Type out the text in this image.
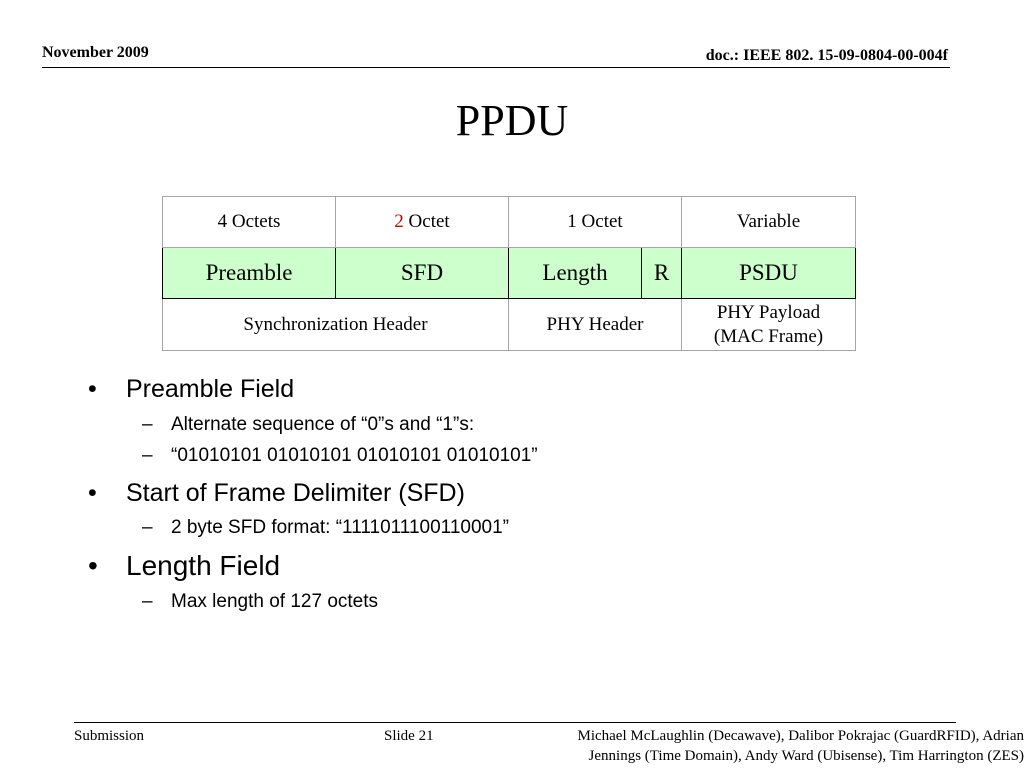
November 2009	doc.: IEEE 802. 15-09-0804-00-004f
PPDU
4 Octets	2 Octet	1 Octet		Variable
Preamble	SFD	Length	R	PSDU
Synchronization Header		PHY Header		PHY Payload
(MAC Frame)
• Preamble Field
– Alternate sequence of “0”s and “1”s:
– “01010101 01010101 01010101 01010101”
• Start of Frame Delimiter (SFD)
– 2 byte SFD format: “1111011100110001”
• Length Field
– Max length of 127 octets
Submission	Slide 21	Michael McLaughlin (Decawave), Dalibor Pokrajac (GuardRFID), Adrian
Jennings (Time Domain), Andy Ward (Ubisense), Tim Harrington (ZES)
